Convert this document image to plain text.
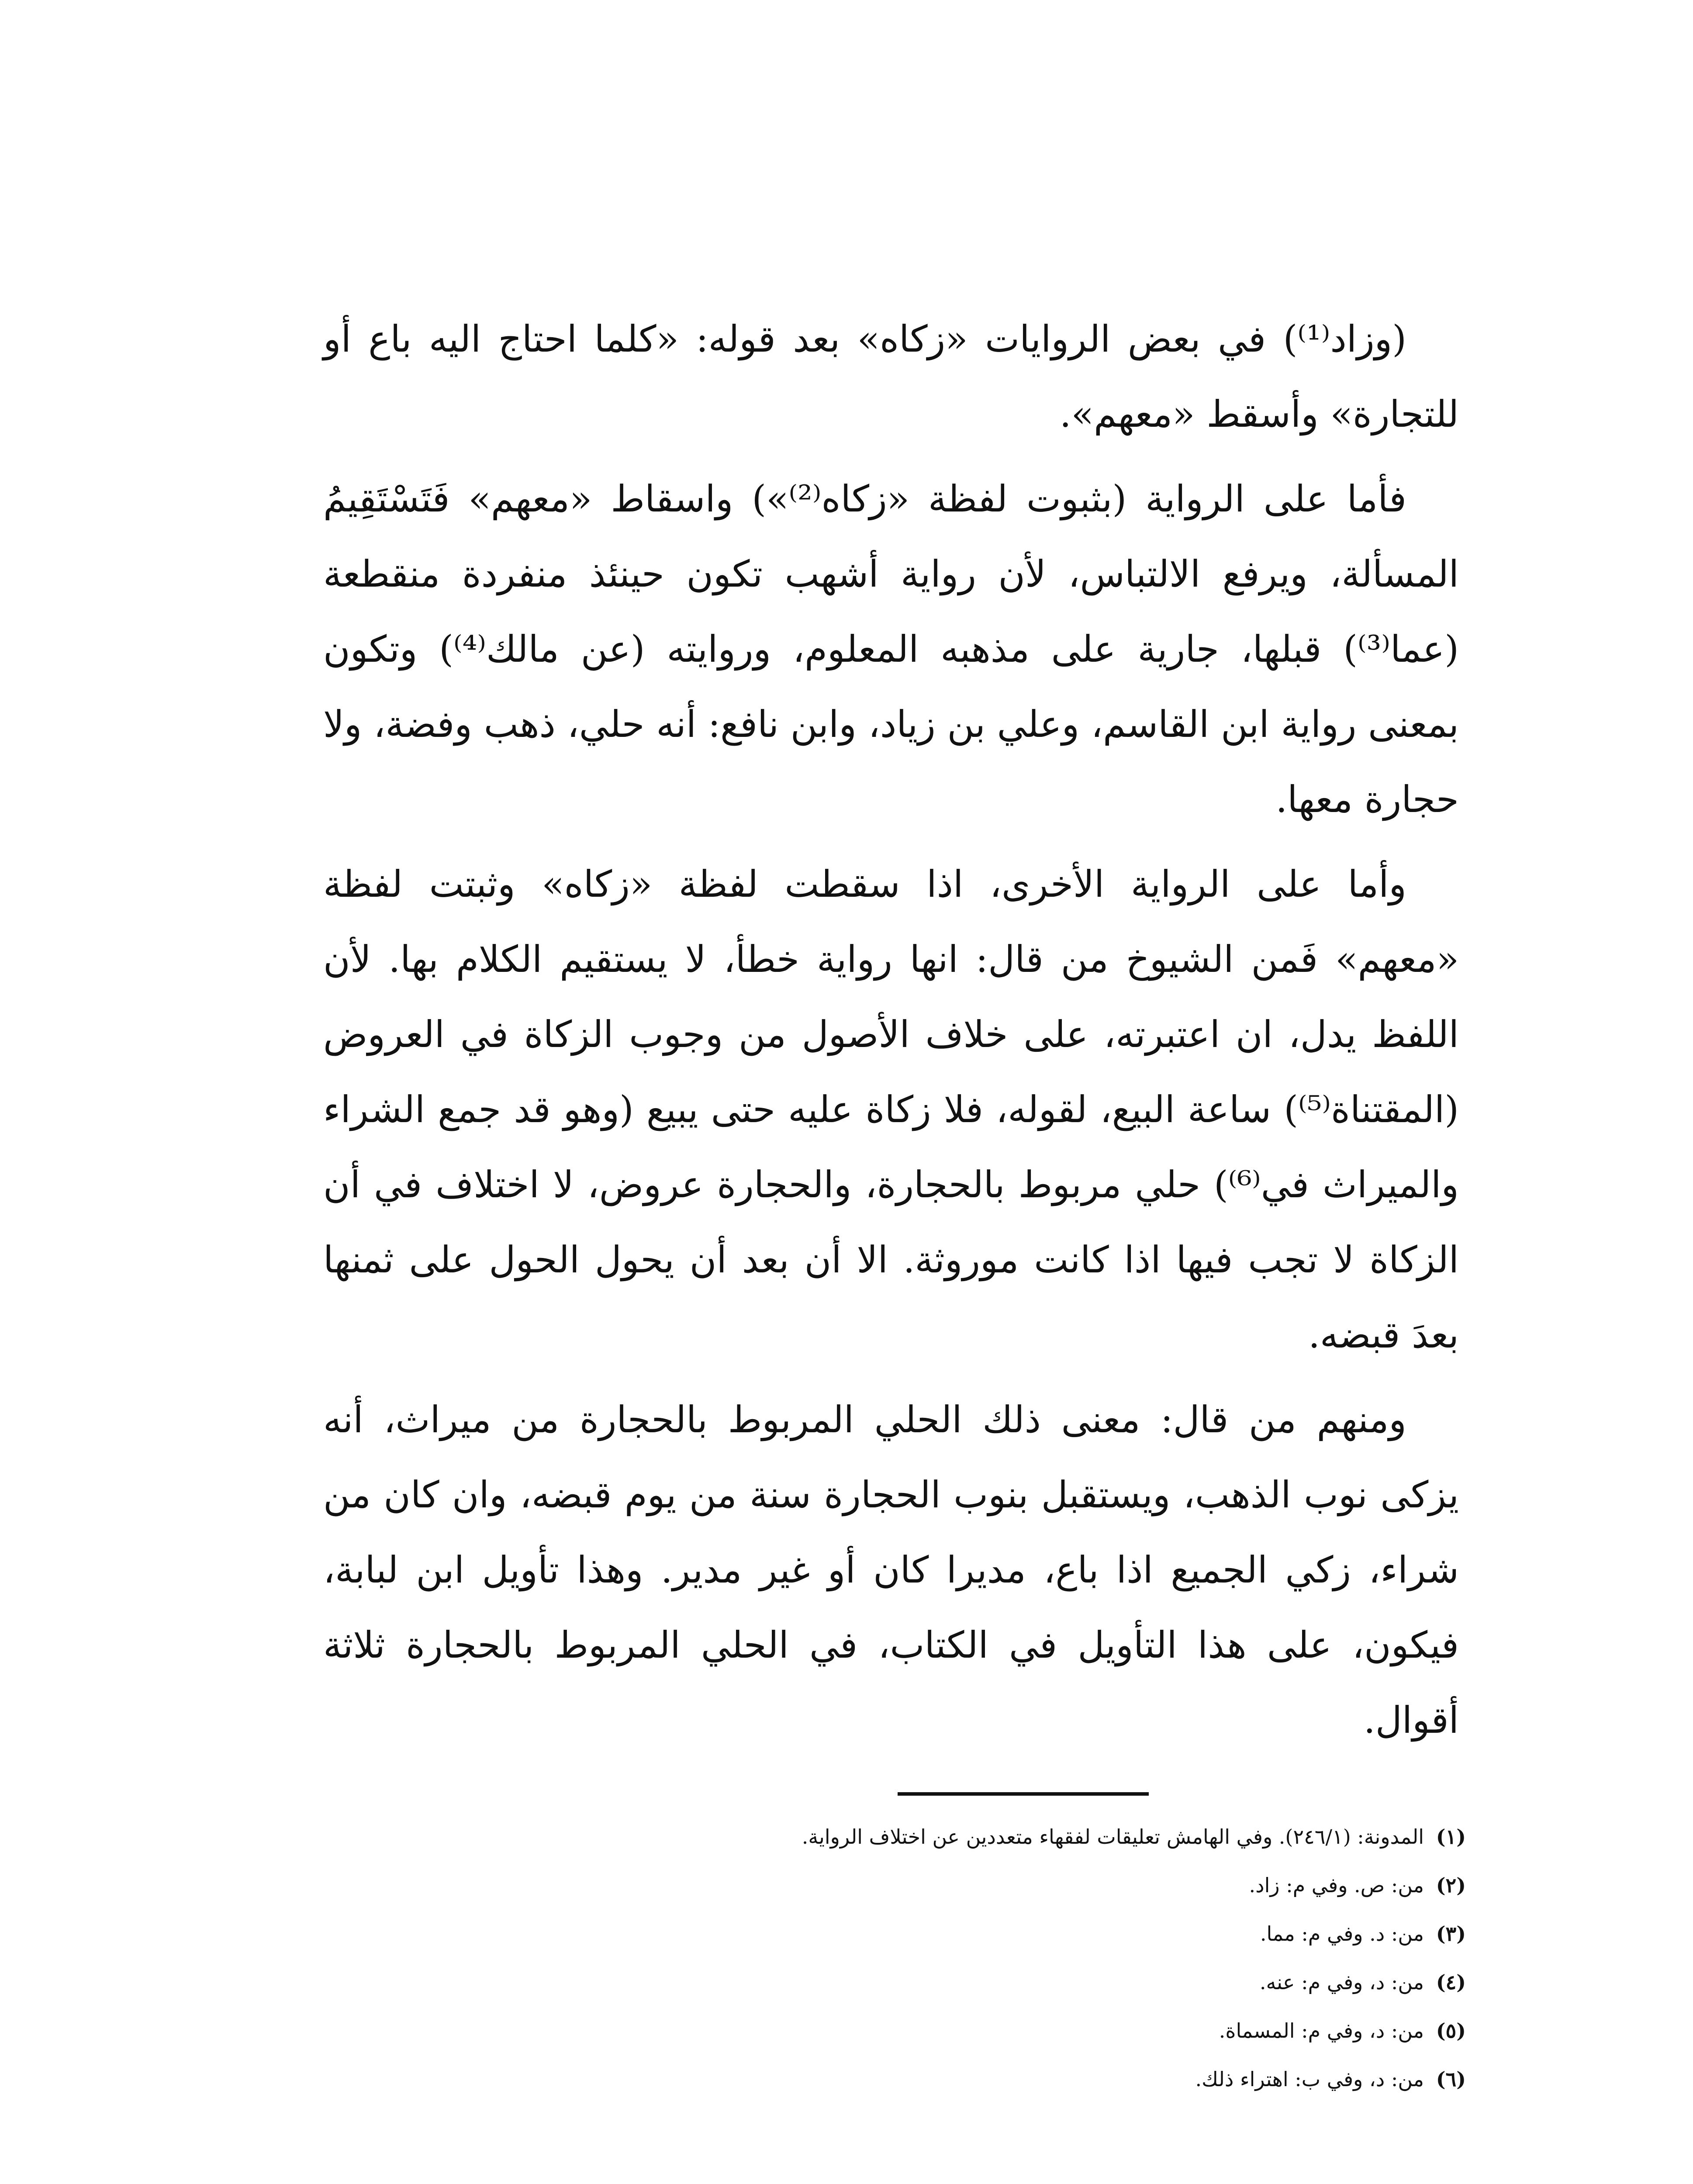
(وزاد⁽¹⁾) في بعض الروايات «زكاه» بعد قوله: «كلما احتاج اليه باع أو للتجارة» وأسقط «معهم».

فأما على الرواية (بثبوت لفظة «زكاه⁽²⁾») واسقاط «معهم» فَتَسْتَقِيمُ المسألة، ويرفع الالتباس، لأن رواية أشهب تكون حينئذ منفردة منقطعة (عما⁽³⁾) قبلها، جارية على مذهبه المعلوم، وروايته (عن مالك⁽⁴⁾) وتكون بمعنى رواية ابن القاسم، وعلي بن زياد، وابن نافع: أنه حلي، ذهب وفضة، ولا حجارة معها.

وأما على الرواية الأخرى، اذا سقطت لفظة «زكاه» وثبتت لفظة «معهم» فَمن الشيوخ من قال: انها رواية خطأ، لا يستقيم الكلام بها. لأن اللفظ يدل، ان اعتبرته، على خلاف الأصول من وجوب الزكاة في العروض (المقتناة⁽⁵⁾) ساعة البيع، لقوله، فلا زكاة عليه حتى يبيع (وهو قد جمع الشراء والميراث في⁽⁶⁾) حلي مربوط بالحجارة، والحجارة عروض، لا اختلاف في أن الزكاة لا تجب فيها اذا كانت موروثة. الا أن بعد أن يحول الحول على ثمنها بعدَ قبضه.

ومنهم من قال: معنى ذلك الحلي المربوط بالحجارة من ميراث، أنه يزكى نوب الذهب، ويستقبل بنوب الحجارة سنة من يوم قبضه، وان كان من شراء، زكي الجميع اذا باع، مديرا كان أو غير مدير. وهذا تأويل ابن لبابة، فيكون، على هذا التأويل في الكتاب، في الحلي المربوط بالحجارة ثلاثة أقوال.

(١)
المدونة: (٢٤٦/١). وفي الهامش تعليقات لفقهاء متعددين عن اختلاف الرواية.
(٢)
من: ص. وفي م: زاد.
(٣)
من: د. وفي م: مما.
(٤)
من: د، وفي م: عنه.
(٥)
من: د، وفي م: المسماة.
(٦)
من: د، وفي ب: اهتراء ذلك.
